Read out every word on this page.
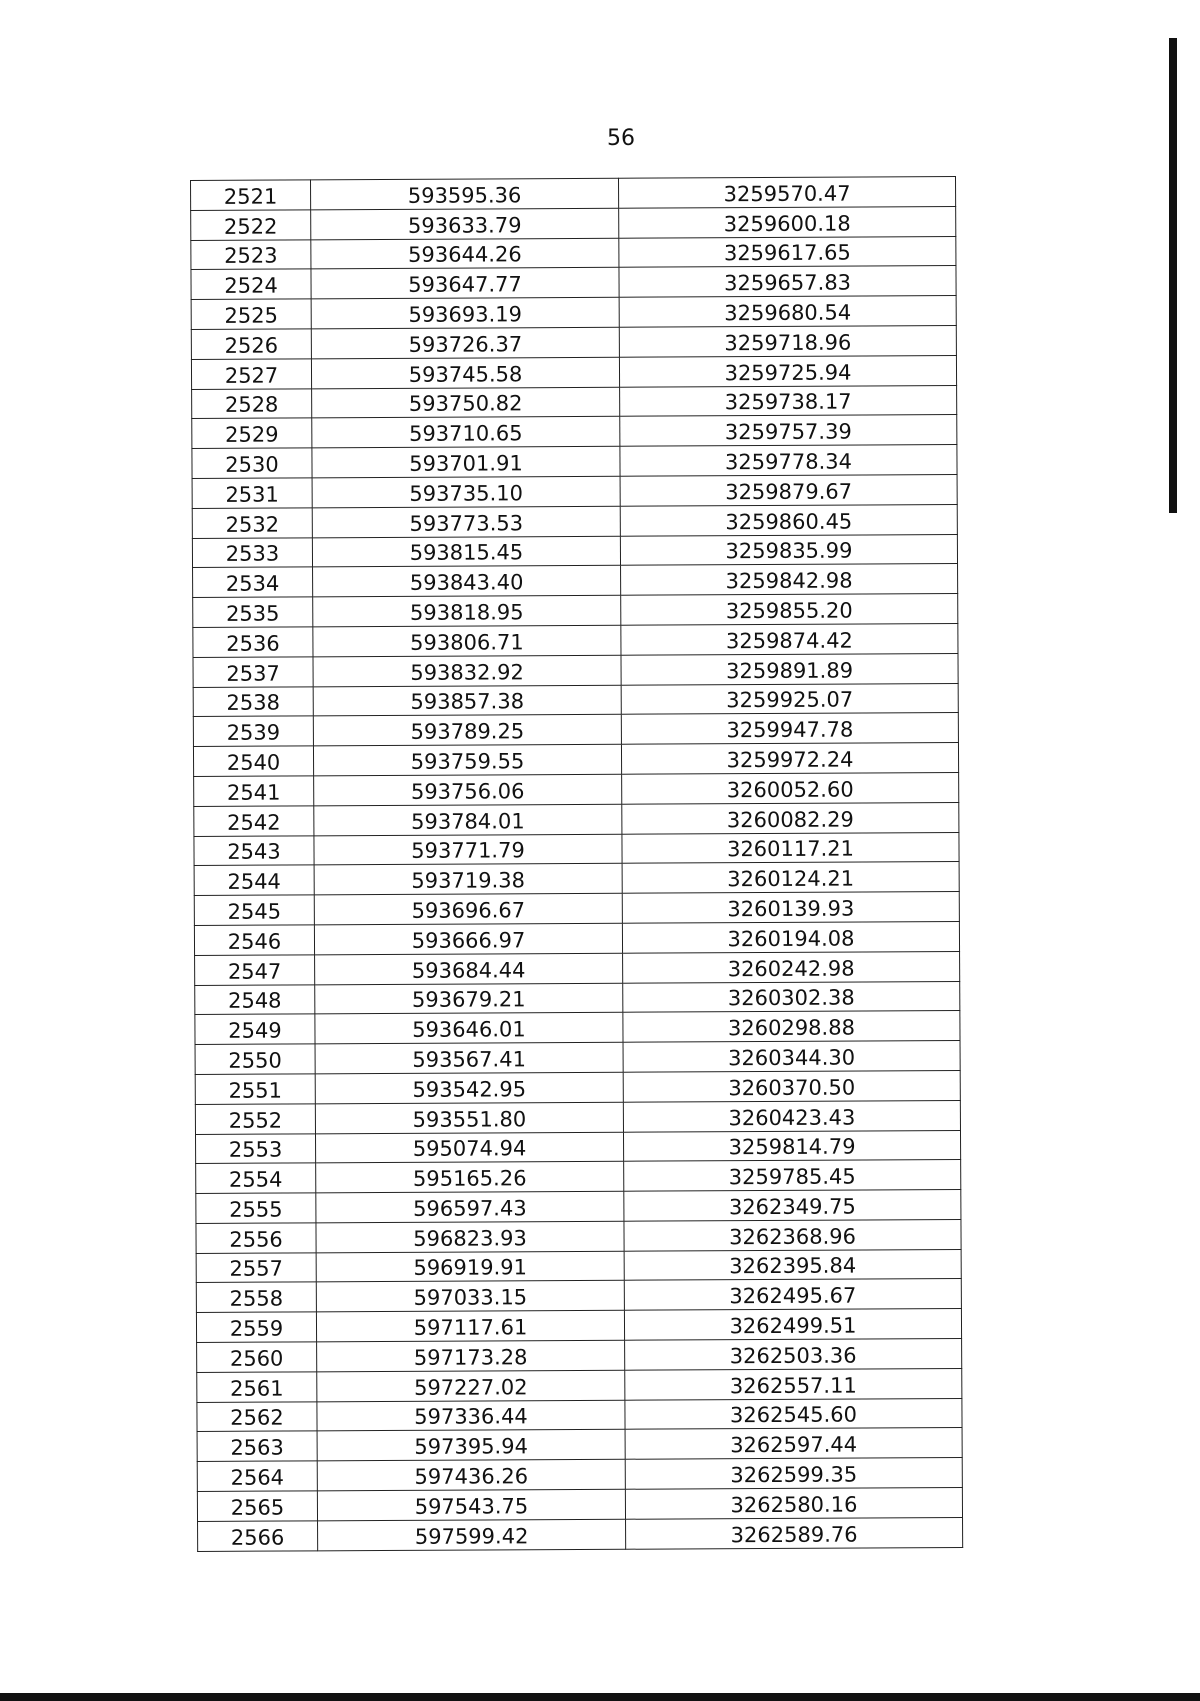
56
2521	593595.36	3259570.47
2522	593633.79	3259600.18
2523	593644.26	3259617.65
2524	593647.77	3259657.83
2525	593693.19	3259680.54
2526	593726.37	3259718.96
2527	593745.58	3259725.94
2528	593750.82	3259738.17
2529	593710.65	3259757.39
2530	593701.91	3259778.34
2531	593735.10	3259879.67
2532	593773.53	3259860.45
2533	593815.45	3259835.99
2534	593843.40	3259842.98
2535	593818.95	3259855.20
2536	593806.71	3259874.42
2537	593832.92	3259891.89
2538	593857.38	3259925.07
2539	593789.25	3259947.78
2540	593759.55	3259972.24
2541	593756.06	3260052.60
2542	593784.01	3260082.29
2543	593771.79	3260117.21
2544	593719.38	3260124.21
2545	593696.67	3260139.93
2546	593666.97	3260194.08
2547	593684.44	3260242.98
2548	593679.21	3260302.38
2549	593646.01	3260298.88
2550	593567.41	3260344.30
2551	593542.95	3260370.50
2552	593551.80	3260423.43
2553	595074.94	3259814.79
2554	595165.26	3259785.45
2555	596597.43	3262349.75
2556	596823.93	3262368.96
2557	596919.91	3262395.84
2558	597033.15	3262495.67
2559	597117.61	3262499.51
2560	597173.28	3262503.36
2561	597227.02	3262557.11
2562	597336.44	3262545.60
2563	597395.94	3262597.44
2564	597436.26	3262599.35
2565	597543.75	3262580.16
2566	597599.42	3262589.76
